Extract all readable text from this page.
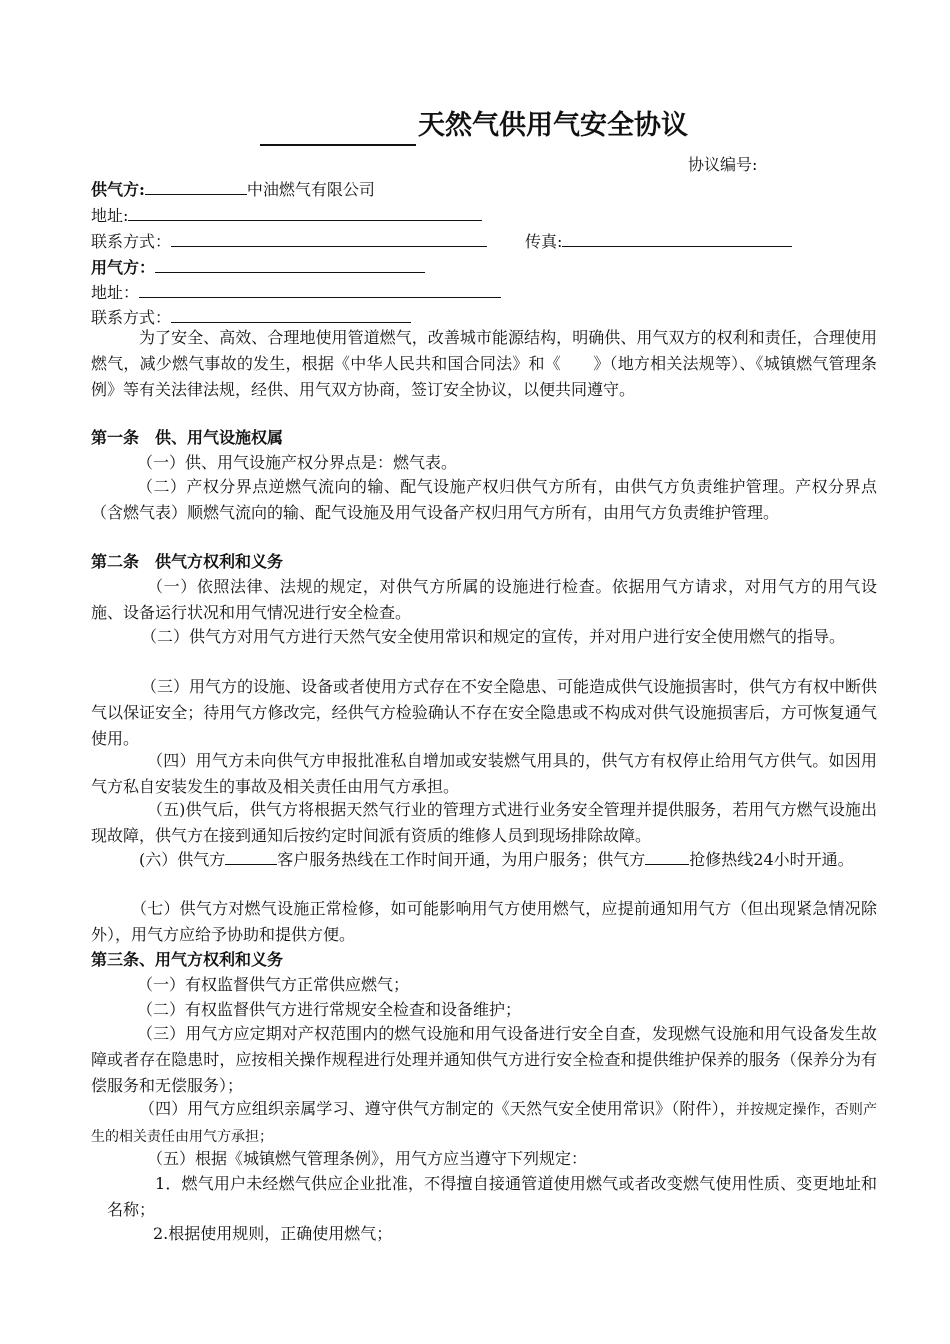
天然气供用气安全协议
协议编号:
供气方:	中油燃气有限公司
地址:
联系方式：	传真:
用气方：
地址：
联系方式：

为了安全、高效、合理地使用管道燃气，改善城市能源结构，明确供、用气双方的权利和责任，合理使用燃气，减少燃气事故的发生，根据《中华人民共和国合同法》和《　　》（地方相关法规等）、《城镇燃气管理条例》等有关法律法规，经供、用气双方协商，签订安全协议，以便共同遵守。

第一条　供、用气设施权属

（一）供、用气设施产权分界点是：燃气表。

（二）产权分界点逆燃气流向的输、配气设施产权归供气方所有，由供气方负责维护管理。产权分界点（含燃气表）顺燃气流向的输、配气设施及用气设备产权归用气方所有，由用气方负责维护管理。

第二条　供气方权利和义务

（一）依照法律、法规的规定，对供气方所属的设施进行检查。依据用气方请求，对用气方的用气设施、设备运行状况和用气情况进行安全检查。

（二）供气方对用气方进行天然气安全使用常识和规定的宣传，并对用户进行安全使用燃气的指导。

（三）用气方的设施、设备或者使用方式存在不安全隐患、可能造成供气设施损害时，供气方有权中断供气以保证安全；待用气方修改完，经供气方检验确认不存在安全隐患或不构成对供气设施损害后，方可恢复通气使用。

（四）用气方未向供气方申报批准私自增加或安装燃气用具的，供气方有权停止给用气方供气。如因用气方私自安装发生的事故及相关责任由用气方承担。

（五)供气后，供气方将根据天然气行业的管理方式进行业务安全管理并提供服务，若用气方燃气设施出现故障，供气方在接到通知后按约定时间派有资质的维修人员到现场排除故障。

(六）供气方	客户服务热线在工作时间开通，为用户服务；供气方	抢修热线24小时开通。

（七）供气方对燃气设施正常检修，如可能影响用气方使用燃气，应提前通知用气方（但出现紧急情况除外），用气方应给予协助和提供方便。

第三条、用气方权利和义务

（一）有权监督供气方正常供应燃气；

（二）有权监督供气方进行常规安全检查和设备维护；

（三）用气方应定期对产权范围内的燃气设施和用气设备进行安全自查，发现燃气设施和用气设备发生故障或者存在隐患时，应按相关操作规程进行处理并通知供气方进行安全检查和提供维护保养的服务（保养分为有偿服务和无偿服务）；

（四）用气方应组织亲属学习、遵守供气方制定的《天然气安全使用常识》（附件），并按规定操作，否则产生的相关责任由用气方承担；

（五）根据《城镇燃气管理条例》，用气方应当遵守下列规定：

1．燃气用户未经燃气供应企业批准，不得擅自接通管道使用燃气或者改变燃气使用性质、变更地址和名称；

2.根据使用规则，正确使用燃气；
